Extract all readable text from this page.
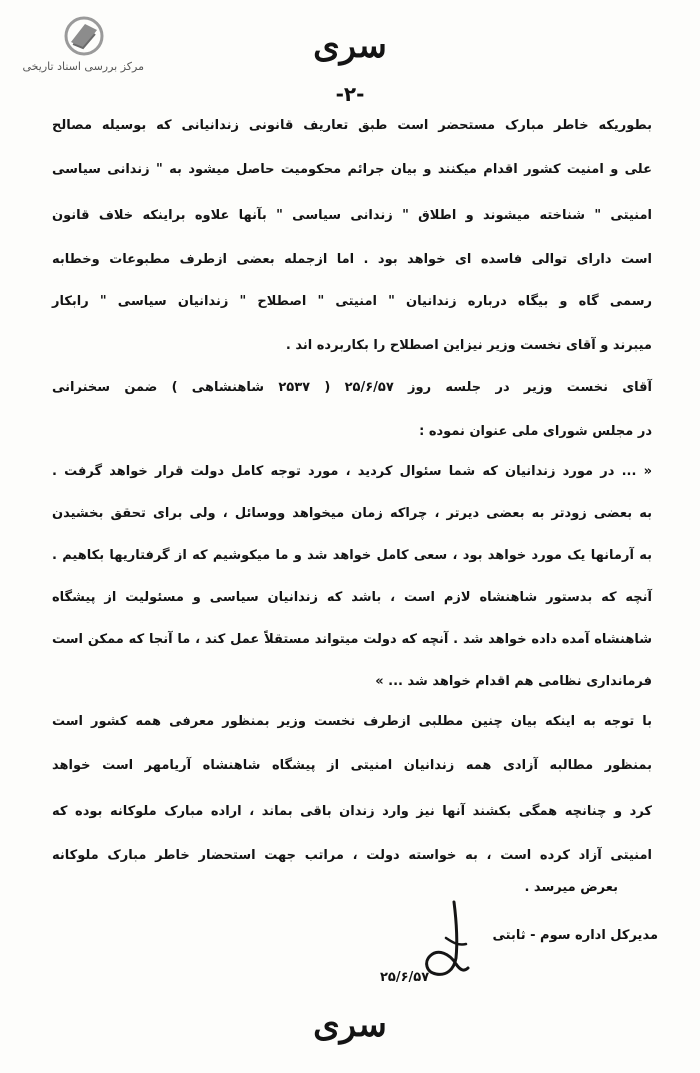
مرکز بررسی اسناد تاریخی
سری
-۲-
بطوریکه خاطر مبارک مستحضر است طبق تعاریف قانونی زندانیانی که بوسیله مصالح
علی و امنیت کشور اقدام میکنند و بیان جرائم محکومیت حاصل میشود به " زندانی سیاسی
امنیتی " شناخته میشوند و اطلاق " زندانی سیاسی " بآنها علاوه براینکه خلاف قانون
است دارای توالی فاسده ای خواهد بود . اما ازجمله بعضی ازطرف مطبوعات وخطابه
رسمی گاه و بیگاه درباره زندانیان " امنیتی " اصطلاح " زندانیان سیاسی " رابکار
میبرند و آقای نخست وزیر نیزاین اصطلاح را بکاربرده اند .
آقای نخست وزیر در جلسه روز ۲۵/۶/۵۷ ( ۲۵۳۷ شاهنشاهی ) ضمن سخنرانی
در مجلس شورای ملی عنوان نموده :
« ... در مورد زندانیان که شما سئوال کردید ، مورد توجه کامل دولت قرار خواهد گرفت .
به بعضی زودتر به بعضی دیرتر ، چراکه زمان میخواهد ووسائل ، ولی برای تحقق بخشیدن
به آرمانها یک مورد خواهد بود ، سعی کامل خواهد شد و ما میکوشیم که از گرفتاریها بکاهیم .
آنچه که بدستور شاهنشاه لازم است ، باشد که زندانیان سیاسی و مسئولیت از پیشگاه
شاهنشاه آمده داده خواهد شد . آنچه که دولت میتواند مستقلاً عمل کند ، ما آنجا که ممکن است
فرمانداری نظامی هم اقدام خواهد شد ... »
با توجه به اینکه بیان چنین مطلبی ازطرف نخست وزیر بمنظور معرفی همه کشور است
بمنظور مطالبه آزادی همه زندانیان امنیتی از پیشگاه شاهنشاه آریامهر است خواهد
کرد و چنانچه همگی بکشند آنها نیز وارد زندان باقی بماند ، اراده مبارک ملوکانه بوده که
امنیتی آزاد کرده است ، به خواسته دولت ، مراتب جهت استحضار خاطر مبارک ملوکانه
بعرض میرسد .
مدیرکل اداره سوم - ثابتی
۲۵/۶/۵۷
سری
